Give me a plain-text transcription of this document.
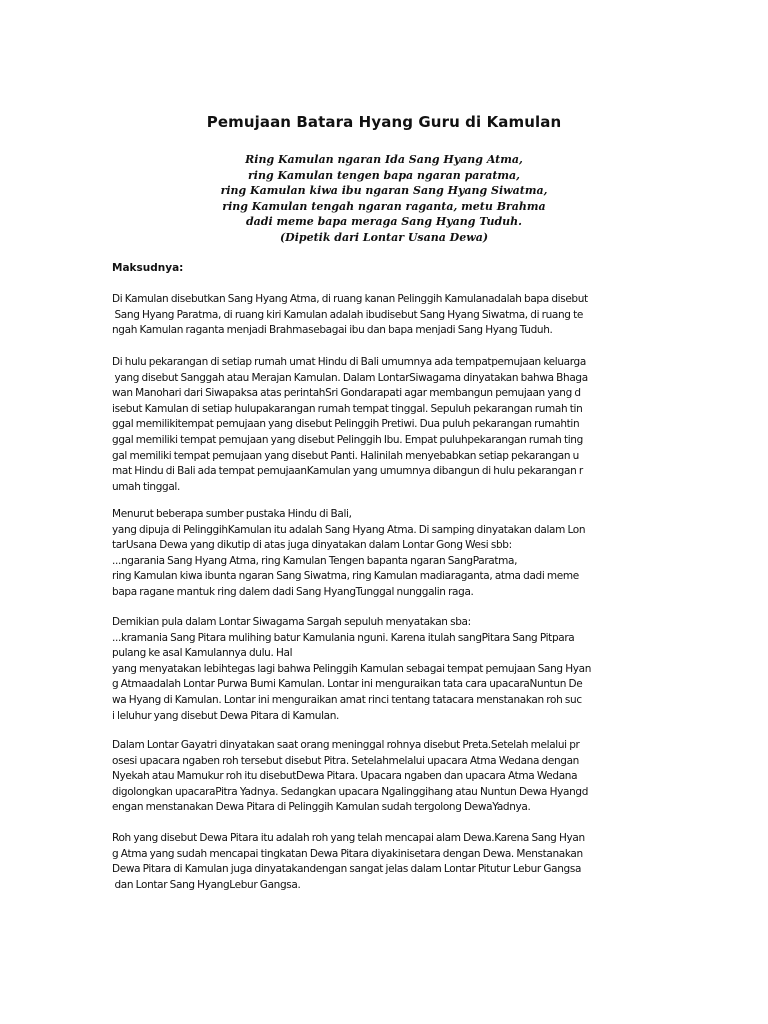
Pemujaan Batara Hyang Guru di Kamulan
Ring Kamulan ngaran Ida Sang Hyang Atma,
ring Kamulan tengen bapa ngaran paratma,
ring Kamulan kiwa ibu ngaran Sang Hyang Siwatma,
ring Kamulan tengah ngaran raganta, metu Brahma
dadi meme bapa meraga Sang Hyang Tuduh.
(Dipetik dari Lontar Usana Dewa)
Maksudnya:
Di Kamulan disebutkan Sang Hyang Atma, di ruang kanan Pelinggih Kamulanadalah bapa disebut
Sang Hyang Paratma, di ruang kiri Kamulan adalah ibudisebut Sang Hyang Siwatma, di ruang te
ngah Kamulan raganta menjadi Brahmasebagai ibu dan bapa menjadi Sang Hyang Tuduh.
Di hulu pekarangan di setiap rumah umat Hindu di Bali umumnya ada tempatpemujaan keluarga
yang disebut Sanggah atau Merajan Kamulan. Dalam LontarSiwagama dinyatakan bahwa Bhaga
wan Manohari dari Siwapaksa atas perintahSri Gondarapati agar membangun pemujaan yang d
isebut Kamulan di setiap hulupakarangan rumah tempat tinggal. Sepuluh pekarangan rumah tin
ggal memilikitempat pemujaan yang disebut Pelinggih Pretiwi. Dua puluh pekarangan rumahtin
ggal memiliki tempat pemujaan yang disebut Pelinggih Ibu. Empat puluhpekarangan rumah ting
gal memiliki tempat pemujaan yang disebut Panti. Halinilah menyebabkan setiap pekarangan u
mat Hindu di Bali ada tempat pemujaanKamulan yang umumnya dibangun di hulu pekarangan r
umah tinggal.
Menurut beberapa sumber pustaka Hindu di Bali,
yang dipuja di PelinggihKamulan itu adalah Sang Hyang Atma. Di samping dinyatakan dalam Lon
tarUsana Dewa yang dikutip di atas juga dinyatakan dalam Lontar Gong Wesi sbb:
...ngarania Sang Hyang Atma, ring Kamulan Tengen bapanta ngaran SangParatma,
ring Kamulan kiwa ibunta ngaran Sang Siwatma, ring Kamulan madiaraganta, atma dadi meme
bapa ragane mantuk ring dalem dadi Sang HyangTunggal nunggalin raga.
Demikian pula dalam Lontar Siwagama Sargah sepuluh menyatakan sba:
...kramania Sang Pitara mulihing batur Kamulania nguni. Karena itulah sangPitara Sang Pitpara
pulang ke asal Kamulannya dulu. Hal
yang menyatakan lebihtegas lagi bahwa Pelinggih Kamulan sebagai tempat pemujaan Sang Hyan
g Atmaadalah Lontar Purwa Bumi Kamulan. Lontar ini menguraikan tata cara upacaraNuntun De
wa Hyang di Kamulan. Lontar ini menguraikan amat rinci tentang tatacara menstanakan roh suc
i leluhur yang disebut Dewa Pitara di Kamulan.
Dalam Lontar Gayatri dinyatakan saat orang meninggal rohnya disebut Preta.Setelah melalui pr
osesi upacara ngaben roh tersebut disebut Pitra. Setelahmelalui upacara Atma Wedana dengan
Nyekah atau Mamukur roh itu disebutDewa Pitara. Upacara ngaben dan upacara Atma Wedana
digolongkan upacaraPitra Yadnya. Sedangkan upacara Ngalinggihang atau Nuntun Dewa Hyangd
engan menstanakan Dewa Pitara di Pelinggih Kamulan sudah tergolong DewaYadnya.
Roh yang disebut Dewa Pitara itu adalah roh yang telah mencapai alam Dewa.Karena Sang Hyan
g Atma yang sudah mencapai tingkatan Dewa Pitara diyakinisetara dengan Dewa. Menstanakan
Dewa Pitara di Kamulan juga dinyatakandengan sangat jelas dalam Lontar Pitutur Lebur Gangsa
dan Lontar Sang HyangLebur Gangsa.
